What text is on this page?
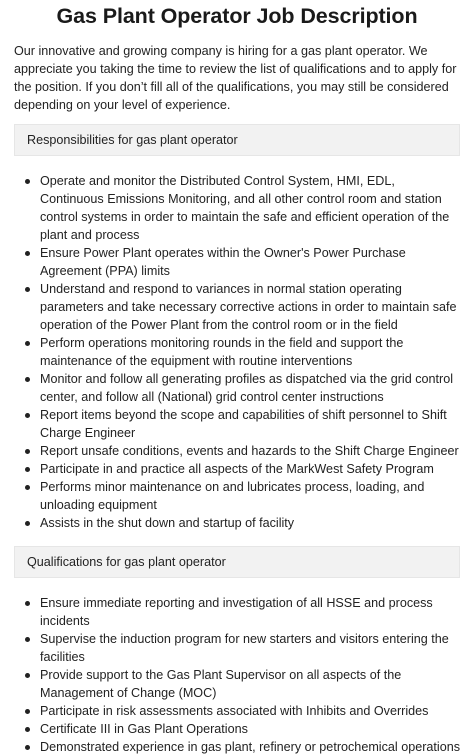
Gas Plant Operator Job Description

Our innovative and growing company is hiring for a gas plant operator. We appreciate you taking the time to review the list of qualifications and to apply for the position. If you don’t fill all of the qualifications, you may still be considered depending on your level of experience.

Responsibilities for gas plant operator
Operate and monitor the Distributed Control System, HMI, EDL, Continuous Emissions Monitoring, and all other control room and station control systems in order to maintain the safe and efficient operation of the plant and process
Ensure Power Plant operates within the Owner's Power Purchase Agreement (PPA) limits
Understand and respond to variances in normal station operating parameters and take necessary corrective actions in order to maintain safe operation of the Power Plant from the control room or in the field
Perform operations monitoring rounds in the field and support the maintenance of the equipment with routine interventions
Monitor and follow all generating profiles as dispatched via the grid control center, and follow all (National) grid control center instructions
Report items beyond the scope and capabilities of shift personnel to Shift Charge Engineer
Report unsafe conditions, events and hazards to the Shift Charge Engineer
Participate in and practice all aspects of the MarkWest Safety Program
Performs minor maintenance on and lubricates process, loading, and unloading equipment
Assists in the shut down and startup of facility
Qualifications for gas plant operator
Ensure immediate reporting and investigation of all HSSE and process incidents
Supervise the induction program for new starters and visitors entering the facilities
Provide support to the Gas Plant Supervisor on all aspects of the Management of Change (MOC)
Participate in risk assessments associated with Inhibits and Overrides
Certificate III in Gas Plant Operations
Demonstrated experience in gas plant, refinery or petrochemical operations
